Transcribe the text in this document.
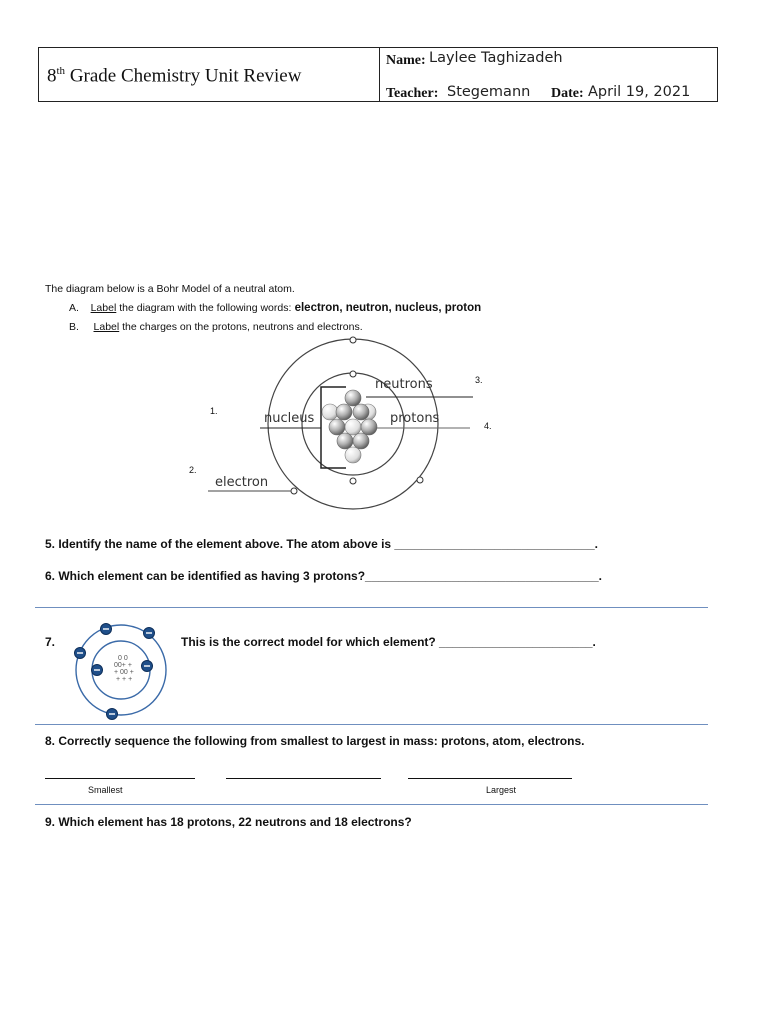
8th Grade Chemistry Unit Review
Name: Laylee Taghizadeh
Teacher: Stegemann Date: April 19, 2021
The diagram below is a Bohr Model of a neutral atom.
A. Label the diagram with the following words: electron, neutron, nucleus, proton
B. Label the charges on the protons, neutrons and electrons.
1.
2.
3.
4.
neutrons
nucleus	protons
electron
5. Identify the name of the element above. The atom above is ______________________________.
6. Which element can be identified as having 3 protons?___________________________________.
7.
0 0
00+ +
+ 00 +
+ + +
This is the correct model for which element? _______________________.
8. Correctly sequence the following from smallest to largest in mass: protons, atom, electrons.
Smallest	Largest
9. Which element has 18 protons, 22 neutrons and 18 electrons?
